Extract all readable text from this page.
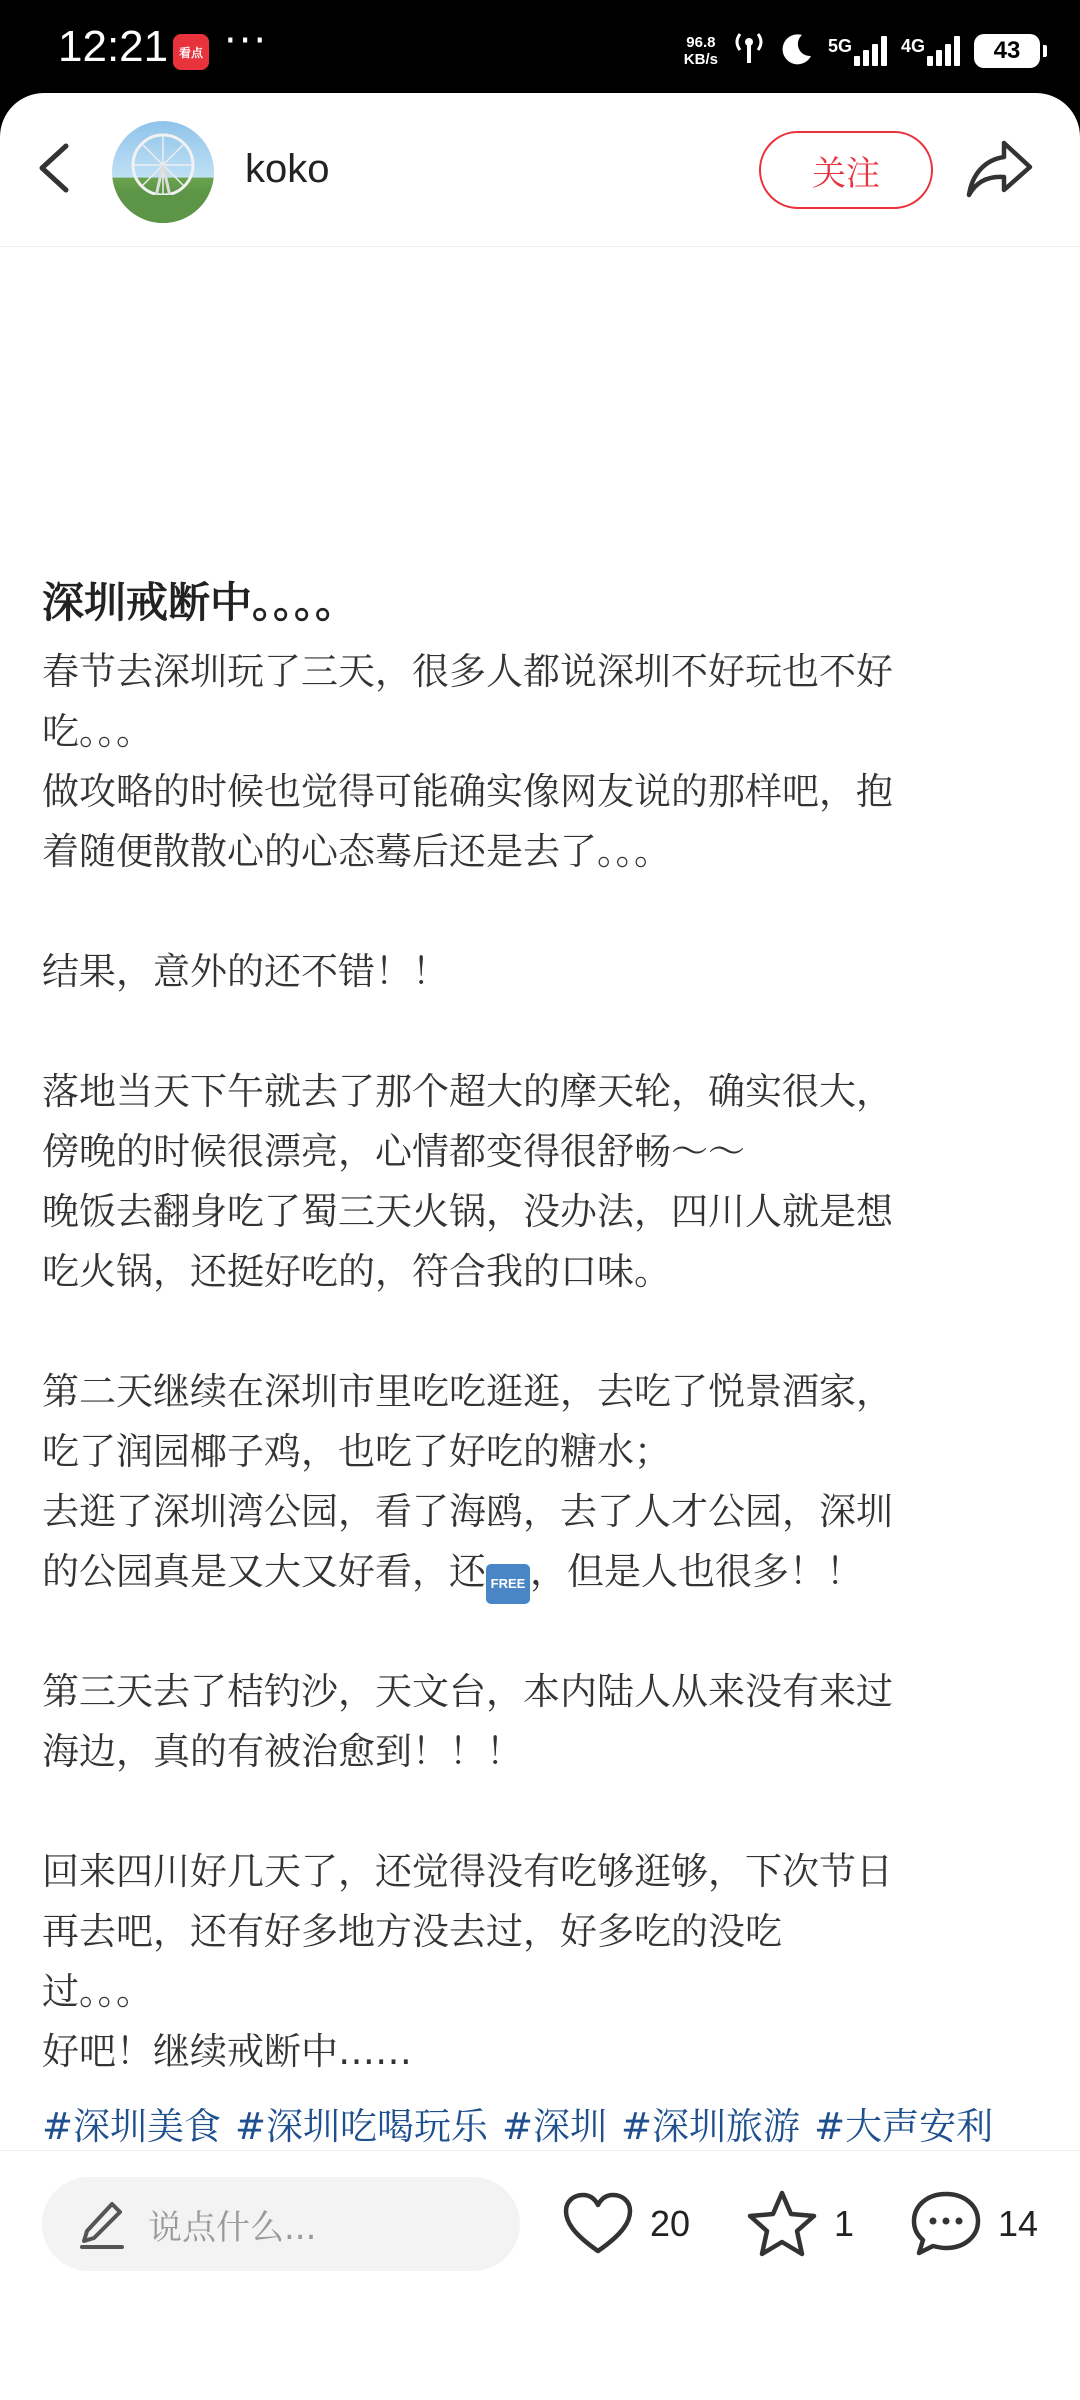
12:21 看点 ···	96.8
KB/s
5G	4G	43
koko	关注
深圳戒断中。。。。

春节去深圳玩了三天，很多人都说深圳不好玩也不好

吃。。。

做攻略的时候也觉得可能确实像网友说的那样吧，抱

着随便散散心的心态蓦后还是去了。。。

结果，意外的还不错！！

落地当天下午就去了那个超大的摩天轮，确实很大，

傍晚的时候很漂亮，心情都变得很舒畅～～

晚饭去翻身吃了蜀三天火锅，没办法，四川人就是想

吃火锅，还挺好吃的，符合我的口味。

第二天继续在深圳市里吃吃逛逛，去吃了悦景酒家，

吃了润园椰子鸡，也吃了好吃的糖水；

去逛了深圳湾公园，看了海鸥，去了人才公园，深圳

的公园真是又大又好看，还 FREE ，但是人也很多！！

第三天去了桔钓沙，天文台，本内陆人从来没有来过

海边，真的有被治愈到！！！

回来四川好几天了，还觉得没有吃够逛够，下次节日

再去吧，还有好多地方没去过，好多吃的没吃

过。。。

好吧！继续戒断中……

#深圳美食 #深圳吃喝玩乐 #深圳 #深圳旅游 #大声安利
说点什么...	20	1	14
